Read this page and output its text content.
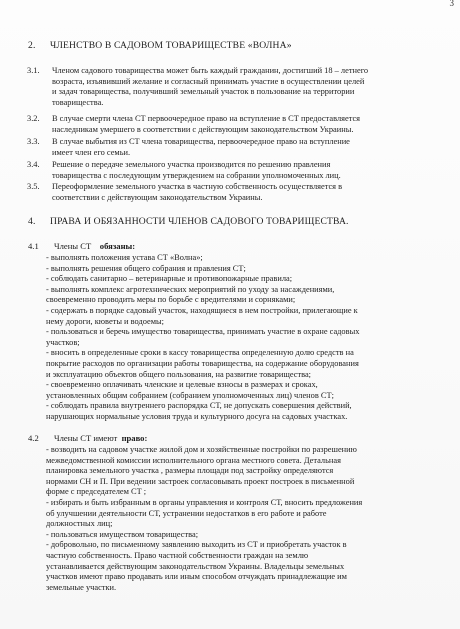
3
2. ЧЛЕНСТВО В САДОВОМ ТОВАРИЩЕСТВЕ «ВОЛНА»
3.1. Членом садового товарищества может быть каждый гражданин, достигший 18 – летнего
возраста, изъявивший желание и согласный принимать участие в осуществлении целей
и задач товарищества, получивший земельный участок в пользование на территории
товарищества.
3.2. В случае смерти члена СТ первоочередное право на вступление в СТ предоставляется
наследникам умершего в соответствии с действующим законодательством Украины.
3.3. В случае выбытия из СТ члена товарищества, первоочередное право на вступление
имеет член его семьи.
3.4. Решение о передаче земельного участка производится по решению правления
товарищества с последующим утверждением на собрании уполномоченных лиц.
3.5. Переоформление земельного участка в частную собственность осуществляется в
соответствии с действующим законодательством Украины.
4. ПРАВА И ОБЯЗАННОСТИ ЧЛЕНОВ САДОВОГО ТОВАРИЩЕСТВА.
4.1 Члены СТ обязаны:
- выполнять положения устава СТ «Волна»;
- выполнять решения общего собрания и правления СТ;
- соблюдать санитарно – ветеринарные и противопожарные правила;
- выполнять комплекс агротехнических мероприятий по уходу за насаждениями,
своевременно проводить меры по борьбе с вредителями и сорняками;
- содержать в порядке садовый участок, находящиеся в нем постройки, прилегающие к
нему дороги, кюветы и водоемы;
- пользоваться и беречь имущество товарищества, принимать участие в охране садовых
участков;
- вносить в определенные сроки в кассу товарищества определенную долю средств на
покрытие расходов по организации работы товарищества, на содержание оборудования
и эксплуатацию объектов общего пользования, на развитие товарищества;
- своевременно оплачивать членские и целевые взносы в размерах и сроках,
установленных общим собранием (собранием уполномоченных лиц) членов СТ;
- соблюдать правила внутреннего распорядка СТ, не допускать совершения действий,
нарушающих нормальные условия труда и культурного досуга на садовых участках.
4.2 Члены СТ имеют право:
- возводить на садовом участке жилой дом и хозяйственные постройки по разрешению
межведомственной комиссии исполнительного органа местного совета. Детальная
планировка земельного участка , размеры площади под застройку определяются
нормами СН и П. При ведении застроек согласовывать проект построек в письменной
форме с председателем СТ ;
- избирать и быть избранным в органы управления и контроля СТ, вносить предложения
об улучшении деятельности СТ, устранении недостатков в его работе и работе
должностных лиц;
- пользоваться имуществом товарищества;
- добровольно, по письменному заявлению выходить из СТ и приобретать участок в
частную собственность. Право частной собственности граждан на землю
устанавливается действующим законодательством Украины. Владельцы земельных
участков имеют право продавать или иным способом отчуждать принадлежащие им
земельные участки.
